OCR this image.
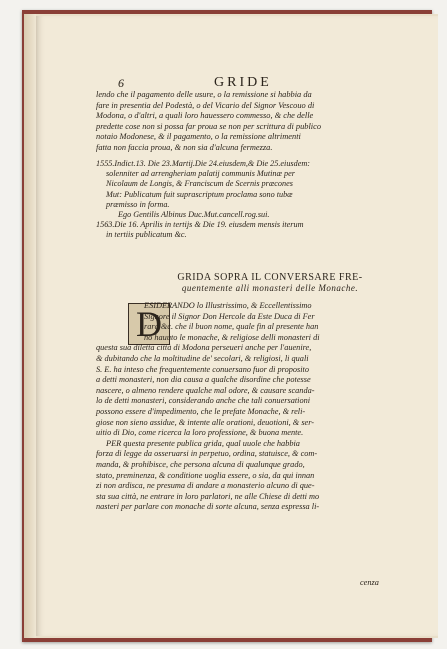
6	GRIDE
lendo che il pagamento delle usure, o la remissione si habbia da
fare in presentia del Podestà, o del Vicario del Signor Vescouo di
Modona, o d'altri, a quali loro hauessero commesso, & che delle
predette cose non si possa far proua se non per scrittura di publico
notaio Modonese, & il pagamento, o la remissione altrimenti
fatta non faccia proua, & non sia d'alcuna fermezza.
1555.Indict.13. Die 23.Martij.Die 24.eiusdem,& Die 25.eiusdem:
solenniter ad arrengheriam palatij communis Mutinæ per
Nicolaum de Longis, & Franciscum de Scernis præcones
Mut: Publicatum fuit suprascriptum proclama sono tubæ
præmisso in forma.
Ego Gentilis Albinus Duc.Mut.cancell.rog.sui.
1563.Die 16. Aprilis in tertijs & Die 19. eiusdem mensis iterum
in tertiis publicatum &c.
GRIDA SOPRA IL CONVERSARE FRE-
quentemente alli monasteri delle Monache.
D
ESIDERANDO lo Illustrissimo, & Eccellentissimo
Signore il Signor Don Hercole da Este Duca di Fer
rara &c. che il buon nome, quale fin al presente han
no hauuto le monache, & religiose delli monasteri di
questa sua diletta città di Modona perseueri anche per l'auenire,
& dubitando che la moltitudine de' secolari, & religiosi, li quali
S. E. ha inteso che frequentemente conuersano fuor di proposito
a detti monasteri, non dia causa a qualche disordine che potesse
nascere, o almeno rendere qualche mal odore, & causare scanda-
lo de detti monasteri, considerando anche che tali conuersationi
possono essere d'impedimento, che le prefate Monache, & reli-
giose non sieno assidue, & intente alle orationi, deuotioni, & ser-
uitio di Dio, come ricerca la loro professione, & buona mente.
PER questa presente publica grida, qual uuole che habbia
forza di legge da osseruarsi in perpetuo, ordina, statuisce, & com-
manda, & prohibisce, che persona alcuna di qualunque grado,
stato, preminenza, & conditione uoglia essere, o sia, da qui innan
zi non ardisca, ne presuma di andare a monasterio alcuno di que-
sta sua città, ne entrare in loro parlatori, ne alle Chiese di detti mo
nasteri per parlare con monache di sorte alcuna, senza espressa li-
cenza
